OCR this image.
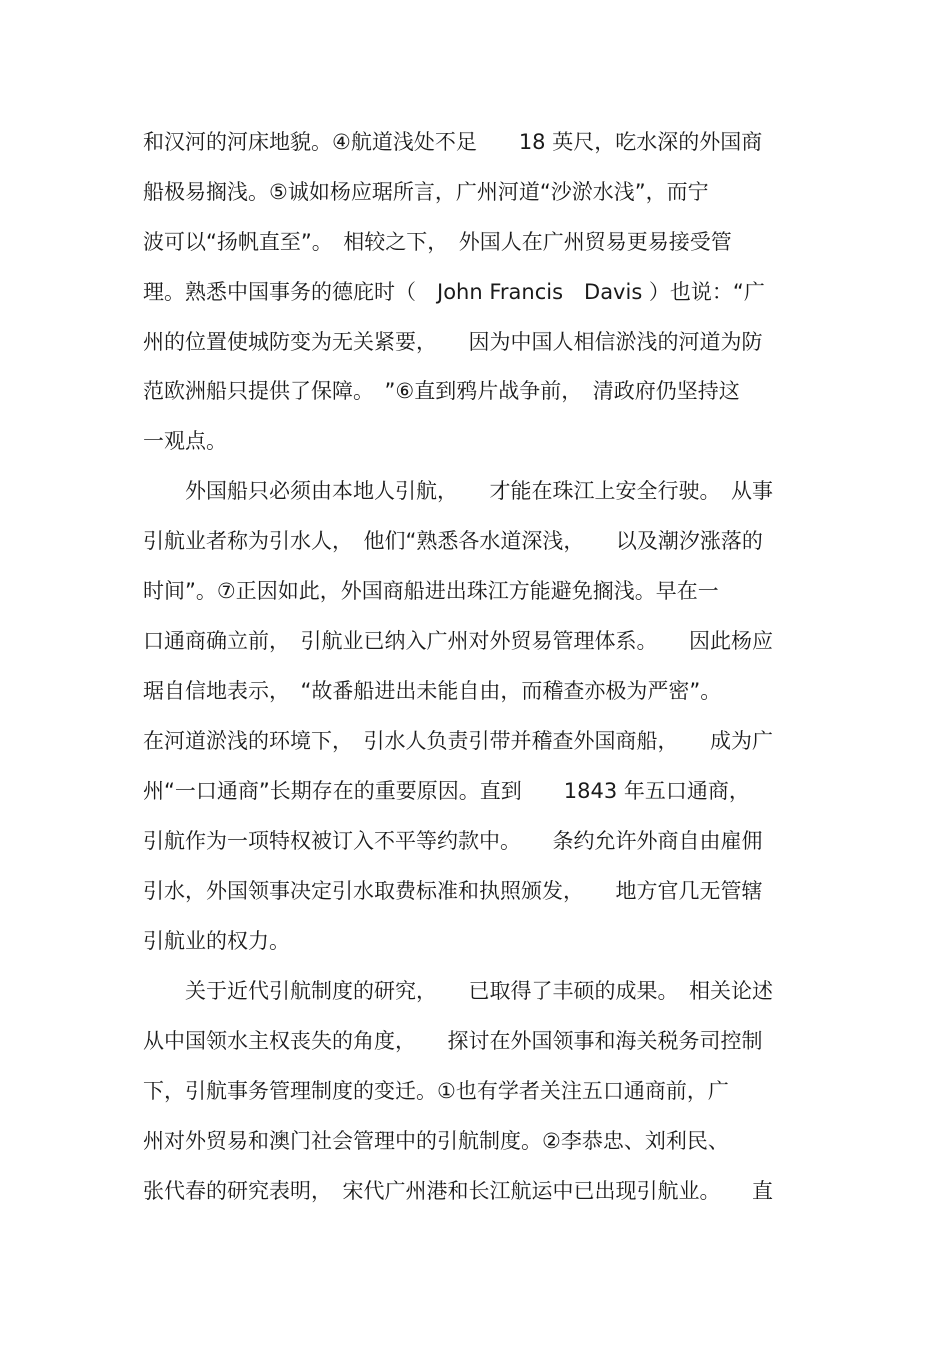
和汉河的河床地貌。④航道浅处不足　　18 英尺，吃水深的外国商

船极易搁浅。⑤诚如杨应琚所言，广州河道“沙淤水浅”，而宁

波可以“扬帆直至”。　相较之下，　外国人在广州贸易更易接受管

理。熟悉中国事务的德庇时（　John Francis　Davis ）也说：“广

州的位置使城防变为无关紧要，　　因为中国人相信淤浅的河道为防

范欧洲船只提供了保障。　”⑥直到鸦片战争前，　清政府仍坚持这

一观点。

　　外国船只必须由本地人引航，　　才能在珠江上安全行驶。　从事

引航业者称为引水人，　他们“熟悉各水道深浅，　　以及潮汐涨落的

时间”。⑦正因如此，外国商船进出珠江方能避免搁浅。早在一

口通商确立前，　引航业已纳入广州对外贸易管理体系。　　因此杨应

琚自信地表示，　“故番船进出未能自由，而稽查亦极为严密”。

在河道淤浅的环境下，　引水人负责引带并稽查外国商船，　　成为广

州“一口通商”长期存在的重要原因。直到　　1843 年五口通商，

引航作为一项特权被订入不平等约款中。　　条约允许外商自由雇佣

引水，外国领事决定引水取费标准和执照颁发，　　地方官几无管辖

引航业的权力。

　　关于近代引航制度的研究，　　已取得了丰硕的成果。　相关论述

从中国领水主权丧失的角度，　　探讨在外国领事和海关税务司控制

下，引航事务管理制度的变迁。①也有学者关注五口通商前，广

州对外贸易和澳门社会管理中的引航制度。②李恭忠、刘利民、

张代春的研究表明，　宋代广州港和长江航运中已出现引航业。　　直
